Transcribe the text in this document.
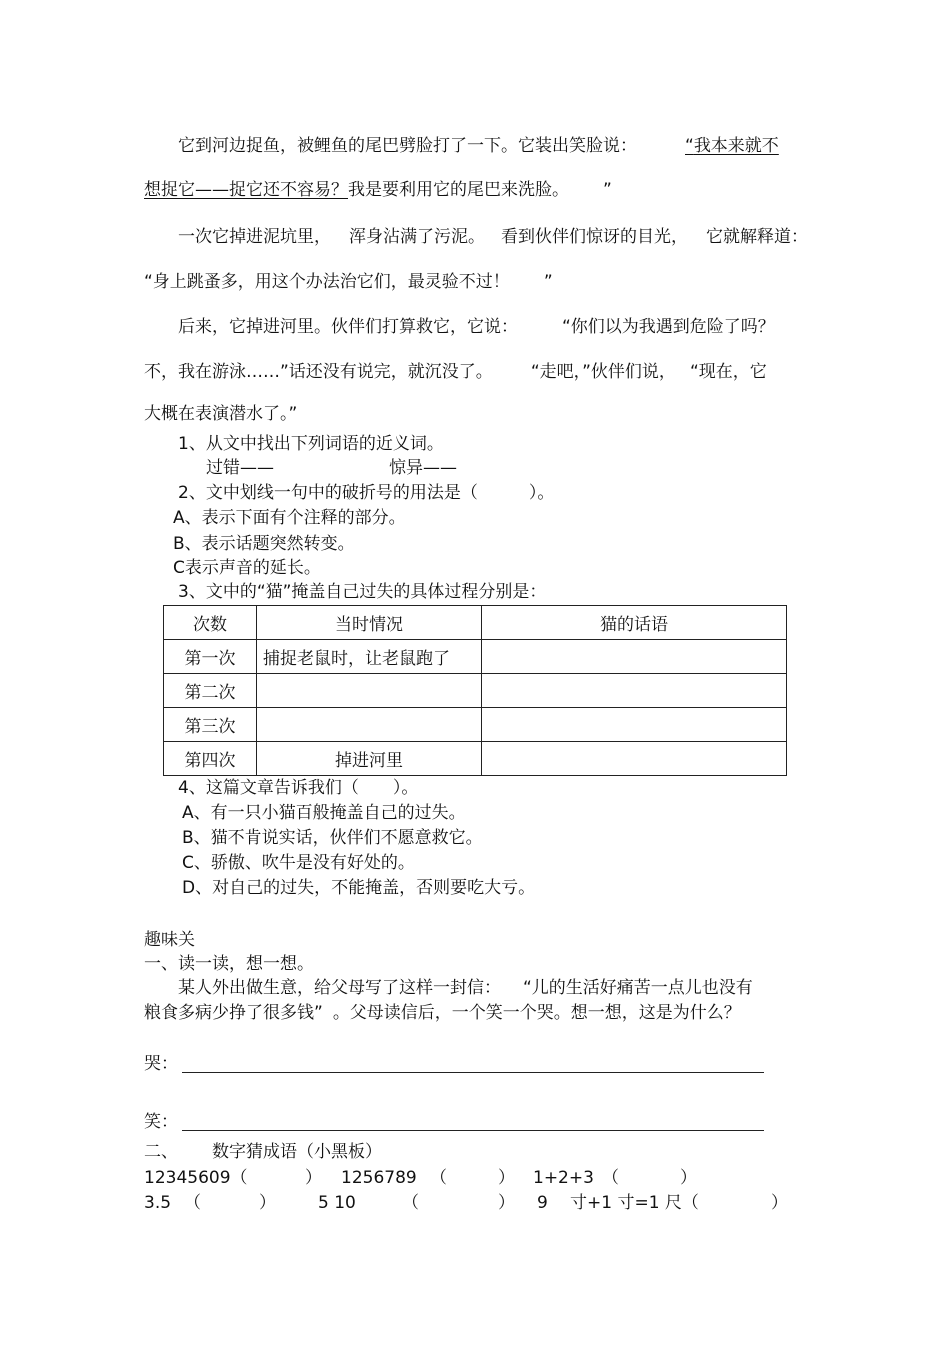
它到河边捉鱼，被鲤鱼的尾巴劈脸打了一下。它装出笑脸说：	“我本来就不
想捉它——捉它还不容易？我是要利用它的尾巴来洗脸。 ”
一次它掉进泥坑里， 浑身沾满了污泥。 看到伙伴们惊讶的目光， 它就解释道：
“身上跳蚤多，用这个办法治它们，最灵验不过！ ”
后来，它掉进河里。伙伴们打算救它，它说：	“你们以为我遇到危险了吗？
不，我在游泳……”话还没有说完，就沉没了。 “走吧，”伙伴们说， “现在，它
大概在表演潜水了。”
1、从文中找出下列词语的近义词。
过错——	惊异——
2、文中划线一句中的破折号的用法是（　　　）。
A、表示下面有个注释的部分。
B、表示话题突然转变。
C表示声音的延长。
3、文中的“猫”掩盖自己过失的具体过程分别是：
次数	当时情况	猫的话语
第一次	捕捉老鼠时，让老鼠跑了	
第二次		
第三次		
第四次	掉进河里	
4、这篇文章告诉我们（　　）。
A、有一只小猫百般掩盖自己的过失。
B、猫不肯说实话，伙伴们不愿意救它。
C、骄傲、吹牛是没有好处的。
D、对自己的过失，不能掩盖，否则要吃大亏。
趣味关
一、读一读，想一想。
某人外出做生意，给父母写了这样一封信： “儿的生活好痛苦一点儿也没有
粮食多病少挣了很多钱” 。父母读信后，一个笑一个哭。想一想，这是为什么？
哭：
笑：
二、 数字猜成语（小黑板）
12345609（	） 1256789 （	） 1+2+3 （	）
3.5 （	） 5 10	（	） 9 寸+1 寸=1 尺（	）
